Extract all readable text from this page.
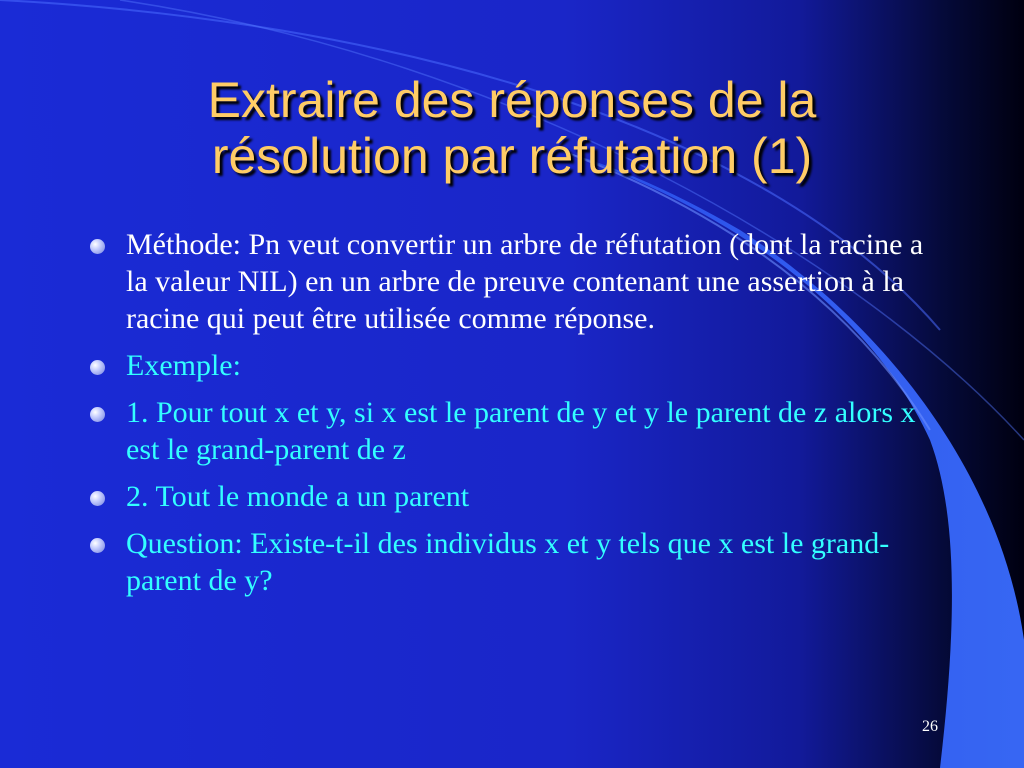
Extraire des réponses de la
résolution par réfutation (1)
Méthode: Pn veut convertir un arbre de réfutation (dont la racine a la valeur NIL) en un arbre de preuve contenant une assertion à la racine qui peut être utilisée comme réponse.
Exemple:
1. Pour tout x et y, si x est le parent de y et y le parent de z alors x est le grand-parent de z
2. Tout le monde a un parent
Question: Existe-t-il des individus x et y tels que x est le grand-parent de y?
26
